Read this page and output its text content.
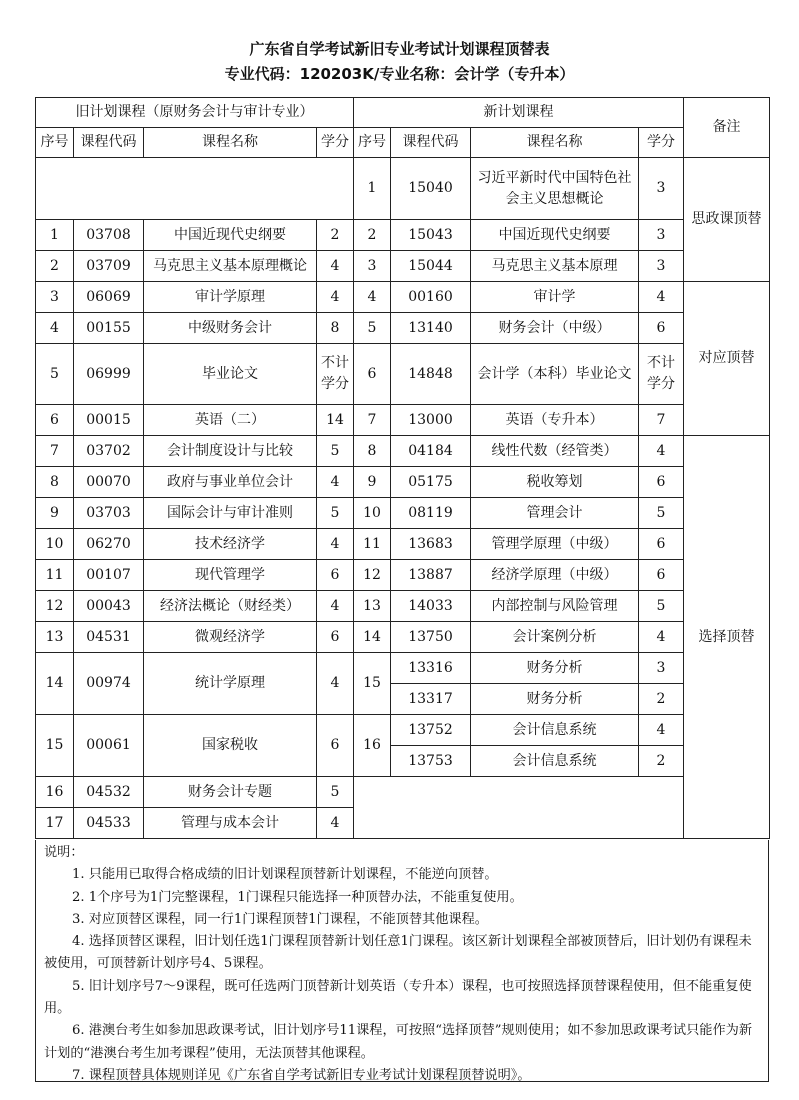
广东省自学考试新旧专业考试计划课程顶替表
专业代码：120203K/专业名称：会计学（专升本）
旧计划课程（原财务会计与审计专业）				新计划课程				备注
序号	课程代码	课程名称	学分	序号	课程代码	课程名称	学分	
				1	15040	习近平新时代中国特色社会主义思想概论	3	思政课顶替
1	03708	中国近现代史纲要	2	2	15043	中国近现代史纲要	3	
2	03709	马克思主义基本原理概论	4	3	15044	马克思主义基本原理	3	
3	06069	审计学原理	4	4	00160	审计学	4	对应顶替
4	00155	中级财务会计	8	5	13140	财务会计（中级）	6	
5	06999	毕业论文	不计学分	6	14848	会计学（本科）毕业论文	不计学分	
6	00015	英语（二）	14	7	13000	英语（专升本）	7	
7	03702	会计制度设计与比较	5	8	04184	线性代数（经管类）	4	选择顶替
8	00070	政府与事业单位会计	4	9	05175	税收筹划	6	
9	03703	国际会计与审计准则	5	10	08119	管理会计	5	
10	06270	技术经济学	4	11	13683	管理学原理（中级）	6	
11	00107	现代管理学	6	12	13887	经济学原理（中级）	6	
12	00043	经济法概论（财经类）	4	13	14033	内部控制与风险管理	5	
13	04531	微观经济学	6	14	13750	会计案例分析	4	
14	00974	统计学原理	4	15	13316	财务分析	3	
					13317	财务分析	2	
15	00061	国家税收	6	16	13752	会计信息系统	4	
					13753	会计信息系统	2	
16	04532	财务会计专题	5					
17	04533	管理与成本会计	4					

说明：

1. 只能用已取得合格成绩的旧计划课程顶替新计划课程，不能逆向顶替。

2. 1个序号为1门完整课程，1门课程只能选择一种顶替办法，不能重复使用。

3. 对应顶替区课程，同一行1门课程顶替1门课程，不能顶替其他课程。

4. 选择顶替区课程，旧计划任选1门课程顶替新计划任意1门课程。该区新计划课程全部被顶替后，旧计划仍有课程未被使用，可顶替新计划序号4、5课程。

5. 旧计划序号7～9课程，既可任选两门顶替新计划英语（专升本）课程，也可按照选择顶替课程使用，但不能重复使用。

6. 港澳台考生如参加思政课考试，旧计划序号11课程，可按照“选择顶替”规则使用；如不参加思政课考试只能作为新计划的“港澳台考生加考课程”使用，无法顶替其他课程。

7. 课程顶替具体规则详见《广东省自学考试新旧专业考试计划课程顶替说明》。
